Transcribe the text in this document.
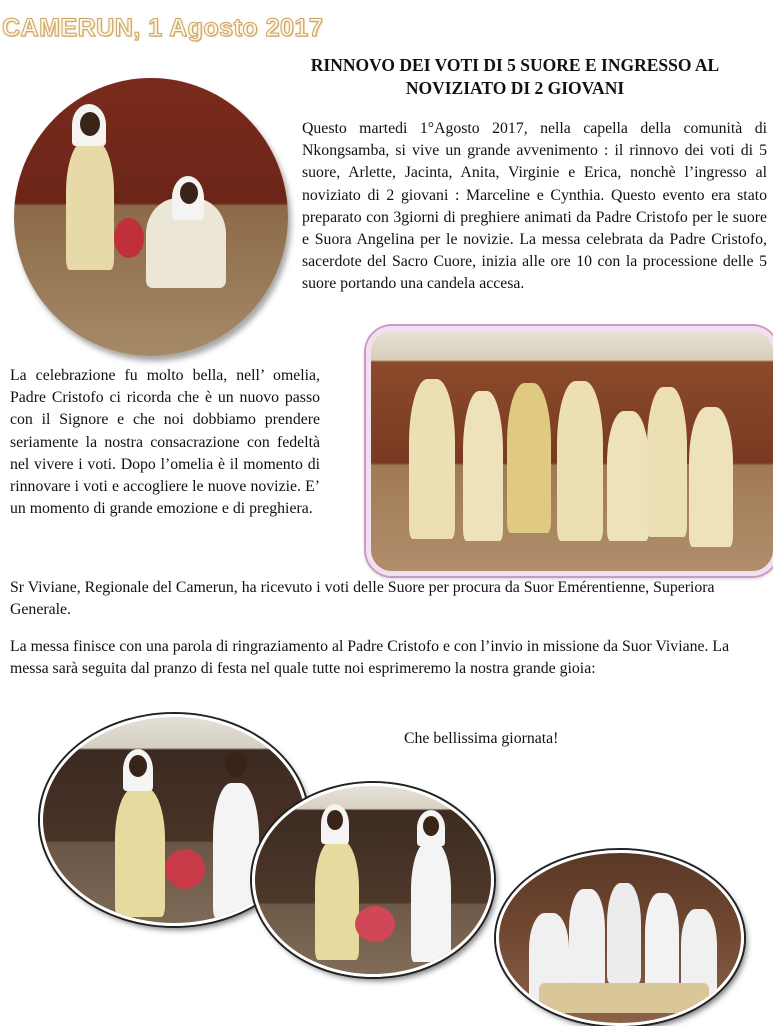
CAMERUN, 1 Agosto 2017
RINNOVO DEI VOTI DI 5 SUORE E INGRESSO AL
NOVIZIATO DI 2 GIOVANI
Questo martedi 1°Agosto 2017, nella capella della comunità di Nkongsamba, si vive un grande avvenimento : il rinnovo dei voti di 5 suore, Arlette, Jacinta, Anita, Virginie e Erica, nonchè l’ingresso al noviziato di 2 giovani : Marceline e Cynthia. Questo evento era stato preparato con 3giorni di preghiere animati da Padre Cristofo per le suore e Suora Angelina per le novizie. La messa celebrata da Padre Cristofo, sacerdote del Sacro Cuore, inizia alle ore 10 con la processione delle 5 suore portando una candela accesa.
La celebrazione fu molto bella, nell’ omelia, Padre Cristofo ci ricorda che è un nuovo passo con il Signore e che noi dobbiamo prendere seriamente la nostra consacrazione con fedeltà nel vivere i voti. Dopo l’omelia è il momento di rinnovare i voti e accogliere le nuove novizie. E’ un momento di grande emozione e di preghiera.
Sr Viviane, Regionale del Camerun, ha ricevuto i voti delle Suore per procura da Suor Emérentienne, Superiora Generale.
La messa finisce con una parola di ringraziamento al Padre Cristofo e con l’invio in missione da Suor Viviane. La messa sarà seguita dal pranzo di festa nel quale tutte noi esprimeremo la nostra grande gioia:
Che bellissima giornata!
